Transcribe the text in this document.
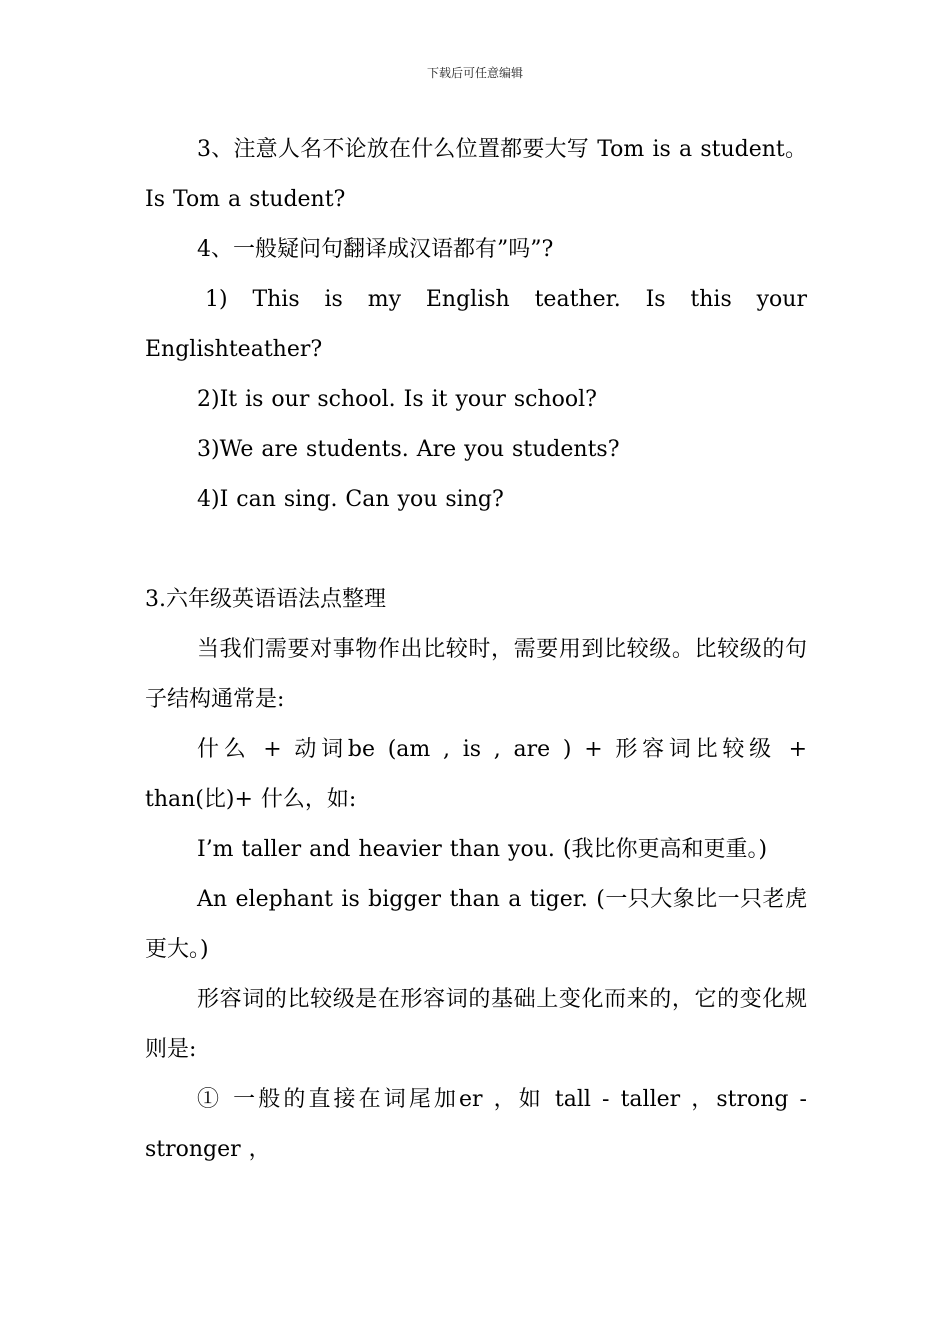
下载后可任意编辑

3、注意人名不论放在什么位置都要大写 Tom is a student。Is Tom a student?

4、一般疑问句翻译成汉语都有”吗”?

1) This is my English teather. Is this your Englishteather?

2)It is our school. Is it your school?

3)We are students. Are you students?

4)I can sing. Can you sing?

3.六年级英语语法点整理

当我们需要对事物作出比较时，需要用到比较级。比较级的句子结构通常是:

什么 + 动词be (am , is , are ) + 形容词比较级 + than(比)+ 什么，如:

I’m taller and heavier than you. (我比你更高和更重。)

An elephant is bigger than a tiger. (一只大象比一只老虎更大。)

形容词的比较级是在形容词的基础上变化而来的，它的变化规则是:

① 一般的直接在词尾加er ，如 tall - taller ，strong - stronger ，
